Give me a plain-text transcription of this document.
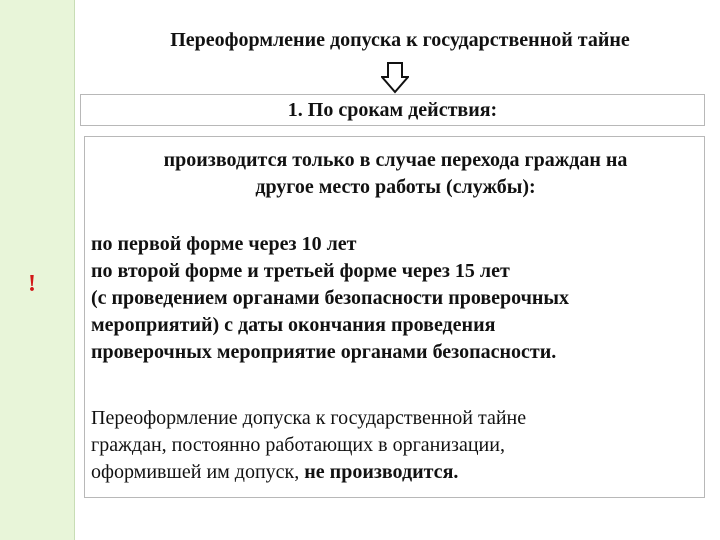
!
Переоформление допуска к государственной тайне
1. По срокам действия:
производится только в случае перехода граждан на
другое место работы (службы):
по первой форме через 10 лет
по второй форме и третьей форме через 15 лет
(с проведением органами безопасности проверочных
мероприятий) с даты окончания проведения
проверочных мероприятие органами безопасности.
Переоформление допуска к государственной тайне
граждан, постоянно работающих в организации,
оформившей им допуск, не производится.
